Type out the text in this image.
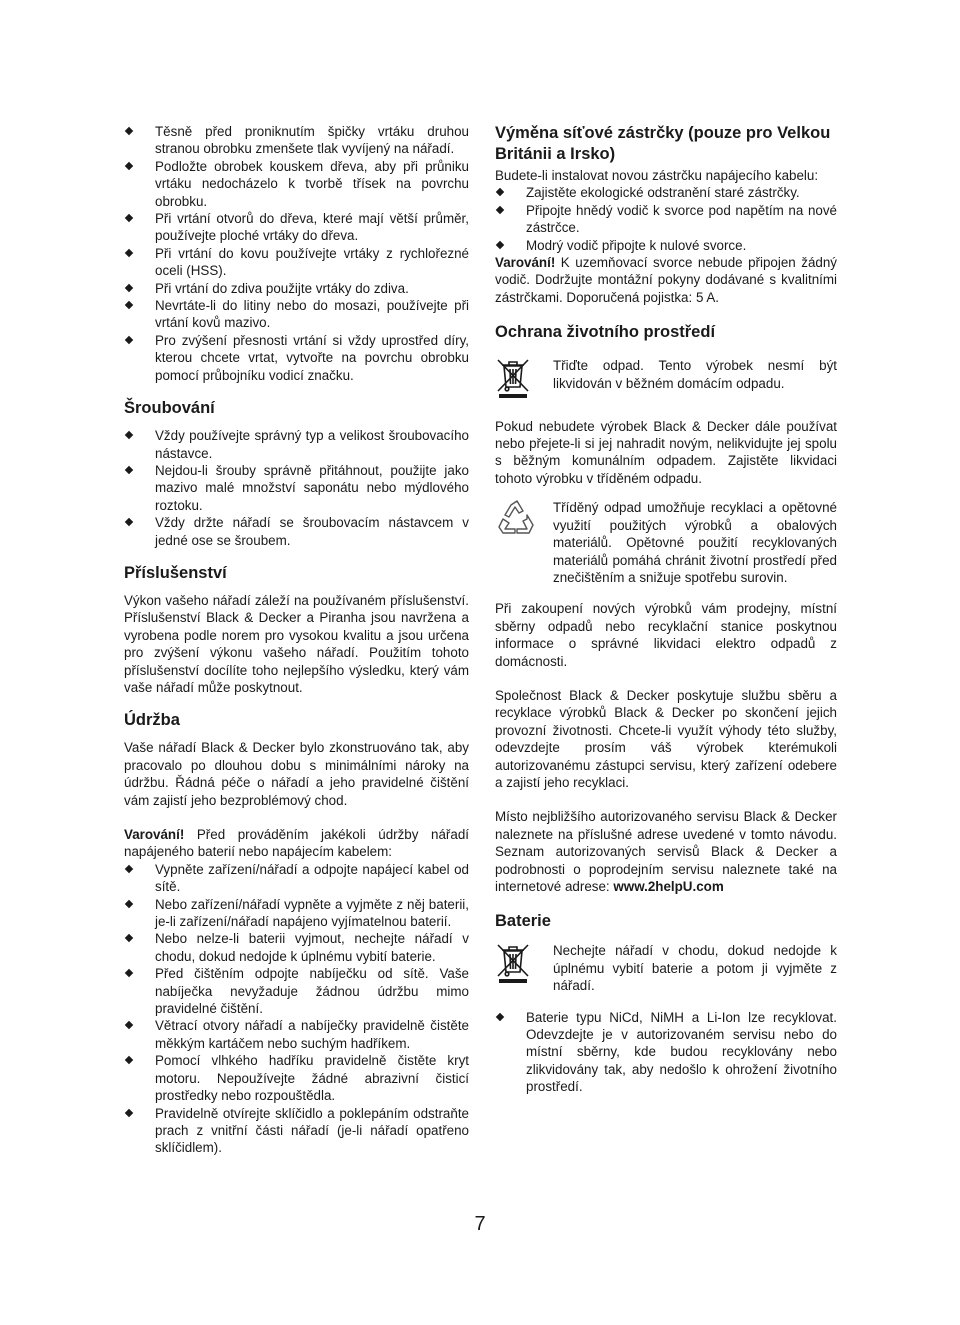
Těsně před proniknutím špičky vrtáku druhou stranou obrobku zmenšete tlak vyvíjený na nářadí.
Podložte obrobek kouskem dřeva, aby při průniku vrtáku nedocházelo k tvorbě třísek na povrchu obrobku.
Při vrtání otvorů do dřeva, které mají větší průměr, používejte ploché vrtáky do dřeva.
Při vrtání do kovu používejte vrtáky z rychlořezné oceli (HSS).
Při vrtání do zdiva použijte vrtáky do zdiva.
Nevrtáte-li do litiny nebo do mosazi, používejte při vrtání kovů mazivo.
Pro zvýšení přesnosti vrtání si vždy uprostřed díry, kterou chcete vrtat, vytvořte na povrchu obrobku pomocí průbojníku vodicí značku.
Šroubování
Vždy používejte správný typ a velikost šroubovacího nástavce.
Nejdou-li šrouby správně přitáhnout, použijte jako mazivo malé množství saponátu nebo mýdlového roztoku.
Vždy držte nářadí se šroubovacím nástavcem v jedné ose se šroubem.
Příslušenství

Výkon vašeho nářadí záleží na používaném příslušenství. Příslušenství Black & Decker a Piranha jsou navržena a vyrobena podle norem pro vysokou kvalitu a jsou určena pro zvýšení výkonu vašeho nářadí. Použitím tohoto příslušenství docílíte toho nejlepšího výsledku, který vám vaše nářadí může poskytnout.

Údržba

Vaše nářadí Black & Decker bylo zkonstruováno tak, aby pracovalo po dlouhou dobu s minimálními nároky na údržbu. Řádná péče o nářadí a jeho pravidelné čištění vám zajistí jeho bezproblémový chod.

Varování! Před prováděním jakékoli údržby nářadí napájeného baterií nebo napájecím kabelem:

Vypněte zařízení/nářadí a odpojte napájecí kabel od sítě.
Nebo zařízení/nářadí vypněte a vyjměte z něj baterii, je-li zařízení/nářadí napájeno vyjímatelnou baterií.
Nebo nelze-li baterii vyjmout, nechejte nářadí v chodu, dokud nedojde k úplnému vybití baterie.
Před čištěním odpojte nabíječku od sítě. Vaše nabíječka nevyžaduje žádnou údržbu mimo pravidelné čištění.
Větrací otvory nářadí a nabíječky pravidelně čistěte měkkým kartáčem nebo suchým hadříkem.
Pomocí vlhkého hadříku pravidelně čistěte kryt motoru. Nepoužívejte žádné abrazivní čisticí prostředky nebo rozpouštědla.
Pravidelně otvírejte sklíčidlo a poklepáním odstraňte prach z vnitřní části nářadí (je-li nářadí opatřeno sklíčidlem).
Výměna síťové zástrčky (pouze pro Velkou Británii a Irsko)

Budete-li instalovat novou zástrčku napájecího kabelu:

Zajistěte ekologické odstranění staré zástrčky.
Připojte hnědý vodič k svorce pod napětím na nové zástrčce.
Modrý vodič připojte k nulové svorce.

Varování! K uzemňovací svorce nebude připojen žádný vodič. Dodržujte montážní pokyny dodávané s kvalitními zástrčkami. Doporučená pojistka: 5 A.

Ochrana životního prostředí

Třiďte odpad. Tento výrobek nesmí být likvidován v běžném domácím odpadu.

Pokud nebudete výrobek Black & Decker dále používat nebo přejete-li si jej nahradit novým, nelikvidujte jej spolu s běžným komunálním odpadem. Zajistěte likvidaci tohoto výrobku v tříděném odpadu.

Tříděný odpad umožňuje recyklaci a opětovné využití použitých výrobků a obalových materiálů. Opětovné použití recyklovaných materiálů pomáhá chránit životní prostředí před znečištěním a snižuje spotřebu surovin.

Při zakoupení nových výrobků vám prodejny, místní sběrny odpadů nebo recyklační stanice poskytnou informace o správné likvidaci elektro odpadů z domácnosti.

Společnost Black & Decker poskytuje službu sběru a recyklace výrobků Black & Decker po skončení jejich provozní životnosti. Chcete-li využít výhody této služby, odevzdejte prosím váš výrobek kterémukoli autorizovanému zástupci servisu, který zařízení odebere a zajistí jeho recyklaci.

Místo nejbližšího autorizovaného servisu Black & Decker naleznete na příslušné adrese uvedené v tomto návodu. Seznam autorizovaných servisů Black & Decker a podrobnosti o poprodejním servisu naleznete také na internetové adrese: www.2helpU.com

Baterie

Nechejte nářadí v chodu, dokud nedojde k úplnému vybití baterie a potom ji vyjměte z nářadí.

Baterie typu NiCd, NiMH a Li-Ion lze recyklovat. Odevzdejte je v autorizovaném servisu nebo do místní sběrny, kde budou recyklovány nebo zlikvidovány tak, aby nedošlo k ohrožení životního prostředí.
7
